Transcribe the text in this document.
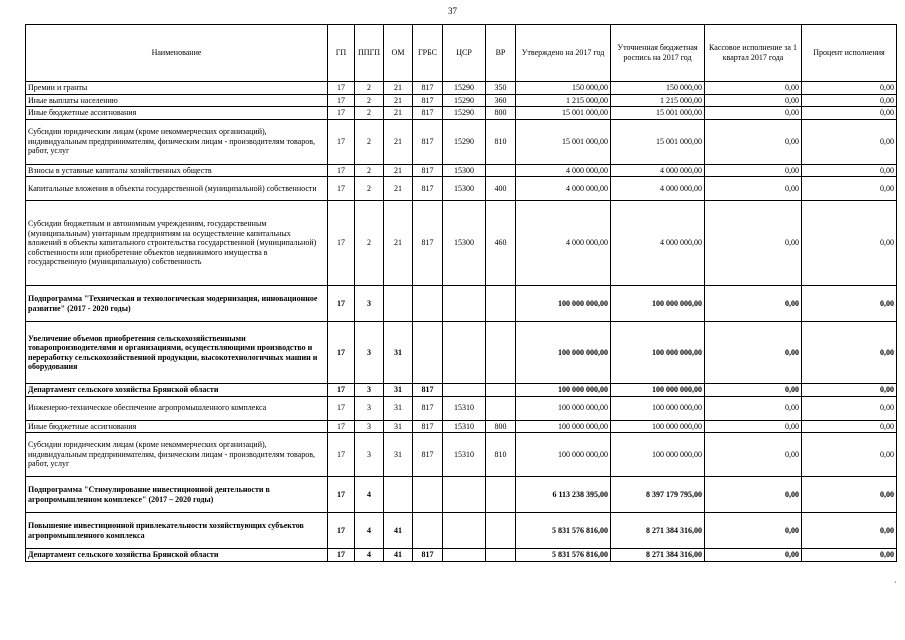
37
Наименование	ГП	ППГП	ОМ	ГРБС	ЦСР	ВР	Утверждено на 2017 год	Уточненная бюджетная роспись на 2017 год	Кассовое исполнение за 1 квартал 2017 года	Процент исполнения
Премии и гранты	17	2	21	817	15290	350	150 000,00	150 000,00	0,00	0,00
Иные выплаты населению	17	2	21	817	15290	360	1 215 000,00	1 215 000,00	0,00	0,00
Иные бюджетные ассигнования	17	2	21	817	15290	800	15 001 000,00	15 001 000,00	0,00	0,00
Субсидии юридическим лицам (кроме некоммерческих организаций), индивидуальным предпринимателям, физическим лицам - производителям товаров, работ, услуг	17	2	21	817	15290	810	15 001 000,00	15 001 000,00	0,00	0,00
Взносы в уставные капиталы хозяйственных обществ	17	2	21	817	15300		4 000 000,00	4 000 000,00	0,00	0,00
Капитальные вложения в объекты государственной (муниципальной) собственности	17	2	21	817	15300	400	4 000 000,00	4 000 000,00	0,00	0,00
Субсидии бюджетным и автономным учреждениям, государственным (муниципальным) унитарным предприятиям на осуществление капитальных вложений в объекты капитального строительства государственной (муниципальной) собственности или приобретение объектов недвижимого имущества в государственную (муниципальную) собственность	17	2	21	817	15300	460	4 000 000,00	4 000 000,00	0,00	0,00
Подпрограмма "Техническая и технологическая модернизация, инновационное развитие" (2017 - 2020 годы)	17	3					100 000 000,00	100 000 000,00	0,00	0,00
Увеличение объемов приобретения сельскохозяйственными товаропроизводителями и организациями, осуществляющими производство и переработку сельскохозяйственной продукции, высокотехнологичных машин и оборудования	17	3	31				100 000 000,00	100 000 000,00	0,00	0,00
Департамент сельского хозяйства Брянской области	17	3	31	817			100 000 000,00	100 000 000,00	0,00	0,00
Инженерно-техническое обеспечение агропромышленного комплекса	17	3	31	817	15310		100 000 000,00	100 000 000,00	0,00	0,00
Иные бюджетные ассигнования	17	3	31	817	15310	800	100 000 000,00	100 000 000,00	0,00	0,00
Субсидии юридическим лицам (кроме некоммерческих организаций), индивидуальным предпринимателям, физическим лицам - производителям товаров, работ, услуг	17	3	31	817	15310	810	100 000 000,00	100 000 000,00	0,00	0,00
Подпрограмма "Стимулирование инвестиционной деятельности в агропромышленном комплексе" (2017 – 2020 годы)	17	4					6 113 238 395,00	8 397 179 795,00	0,00	0,00
Повышение инвестиционной привлекательности хозяйствующих субъектов агропромышленного комплекса	17	4	41				5 831 576 816,00	8 271 384 316,00	0,00	0,00
Департамент сельского хозяйства Брянской области	17	4	41	817			5 831 576 816,00	8 271 384 316,00	0,00	0,00
·
